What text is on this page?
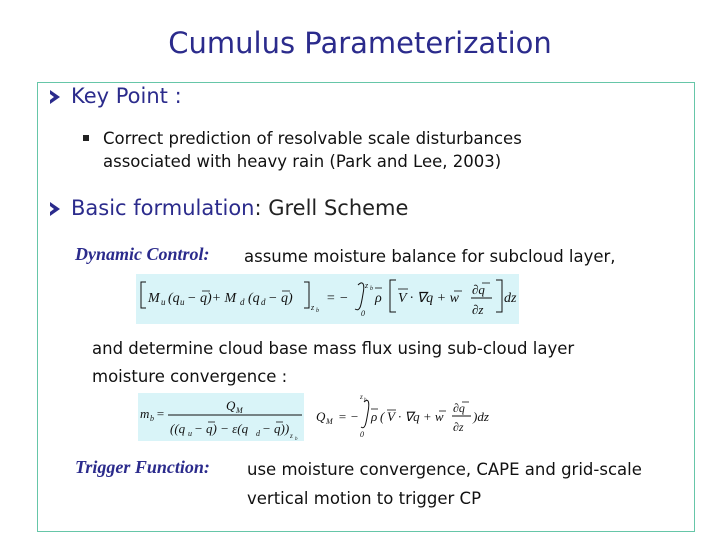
Cumulus Parameterization
Key Point :
Correct prediction of resolvable scale disturbances
associated with heavy rain (Park and Lee, 2003)
Basic formulation: Grell Scheme
Dynamic Control: assume moisture balance for subcloud layer,
M u (q u − q)+ M d (q d − q)
z b
= −
z b
0
ρ V · ∇q + w
∂q
∂z
dz
and determine cloud base mass flux using sub-cloud layer
moisture convergence :
m b =
Q M
((q u − q) − ε(q d − q)) z b
Q M = −
z b
0
ρ ( V · ∇q + w
∂q
∂z
)dz
Trigger Function: use moisture convergence, CAPE and grid-scale
vertical motion to trigger CP
